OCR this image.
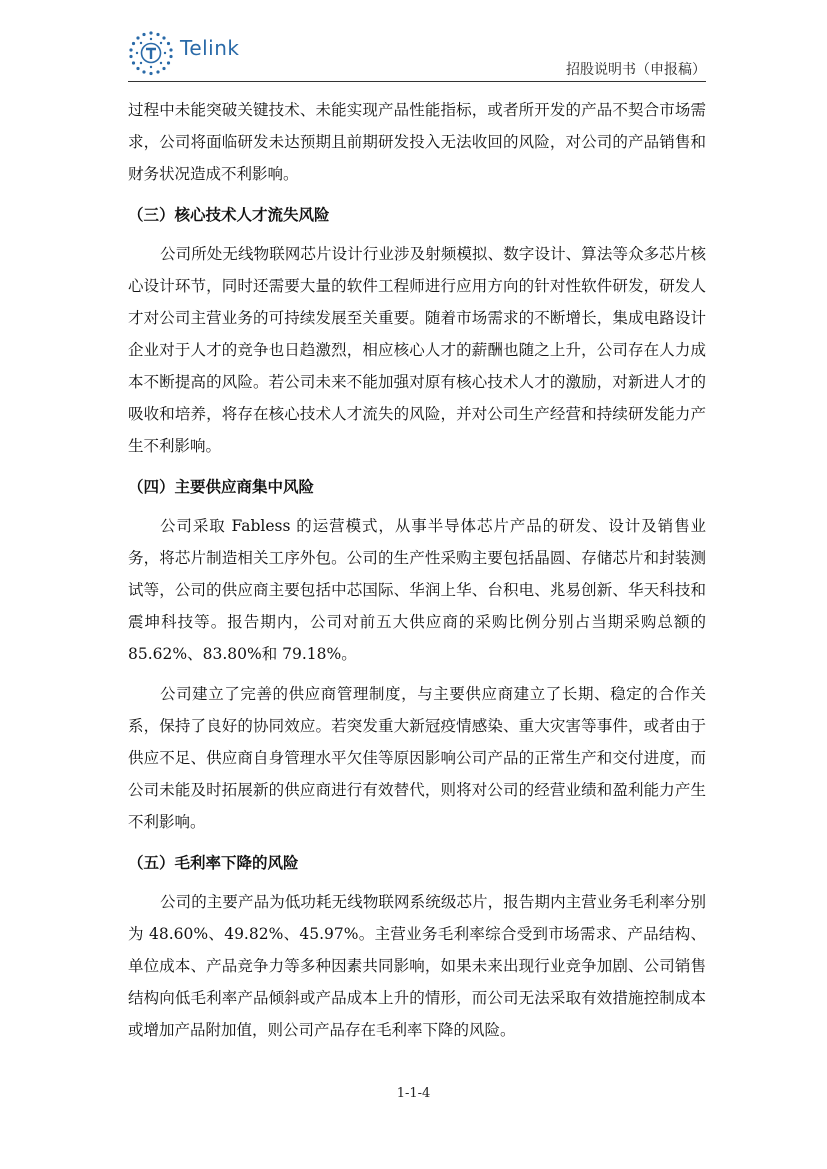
Telink
招股说明书（申报稿）

过程中未能突破关键技术、未能实现产品性能指标，或者所开发的产品不契合市场需求，公司将面临研发未达预期且前期研发投入无法收回的风险，对公司的产品销售和财务状况造成不利影响。

（三）核心技术人才流失风险

公司所处无线物联网芯片设计行业涉及射频模拟、数字设计、算法等众多芯片核心设计环节，同时还需要大量的软件工程师进行应用方向的针对性软件研发，研发人才对公司主营业务的可持续发展至关重要。随着市场需求的不断增长，集成电路设计企业对于人才的竞争也日趋激烈，相应核心人才的薪酬也随之上升，公司存在人力成本不断提高的风险。若公司未来不能加强对原有核心技术人才的激励，对新进人才的吸收和培养，将存在核心技术人才流失的风险，并对公司生产经营和持续研发能力产生不利影响。

（四）主要供应商集中风险

公司采取 Fabless 的运营模式，从事半导体芯片产品的研发、设计及销售业务，将芯片制造相关工序外包。公司的生产性采购主要包括晶圆、存储芯片和封装测试等，公司的供应商主要包括中芯国际、华润上华、台积电、兆易创新、华天科技和震坤科技等。报告期内，公司对前五大供应商的采购比例分别占当期采购总额的 85.62%、83.80%和 79.18%。

公司建立了完善的供应商管理制度，与主要供应商建立了长期、稳定的合作关系，保持了良好的协同效应。若突发重大新冠疫情感染、重大灾害等事件，或者由于供应不足、供应商自身管理水平欠佳等原因影响公司产品的正常生产和交付进度，而公司未能及时拓展新的供应商进行有效替代，则将对公司的经营业绩和盈利能力产生不利影响。

（五）毛利率下降的风险

公司的主要产品为低功耗无线物联网系统级芯片，报告期内主营业务毛利率分别为 48.60%、49.82%、45.97%。主营业务毛利率综合受到市场需求、产品结构、单位成本、产品竞争力等多种因素共同影响，如果未来出现行业竞争加剧、公司销售结构向低毛利率产品倾斜或产品成本上升的情形，而公司无法采取有效措施控制成本或增加产品附加值，则公司产品存在毛利率下降的风险。

1-1-4
